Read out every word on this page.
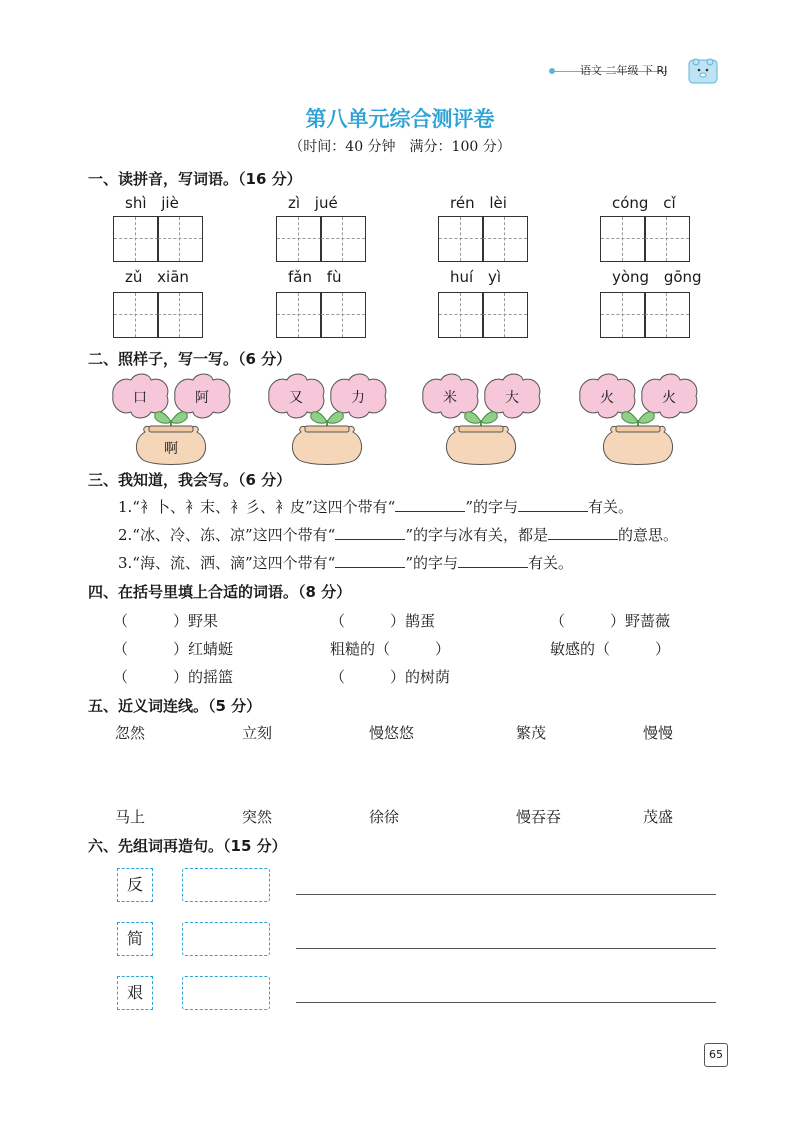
语文 二年级 下 RJ
第八单元综合测评卷
（时间：40 分钟　满分：100 分）
一、读拼音，写词语。（16 分）
shì jiè	zì jué	rén lèi	cóng cǐ
zǔ xiān	fǎn fù	huí yì	yòng gōng
二、照样子，写一写。（6 分）
口	阿
啊
又	力	米	大	火	火
三、我知道，我会写。（6 分）
1.“衤卜、衤末、衤彡、衤皮”这四个带有“	”的字与	有关。
2.“冰、冷、冻、凉”这四个带有“	”的字与冰有关，都是	的意思。
3.“海、流、洒、滴”这四个带有“	”的字与	有关。
四、在括号里填上合适的词语。（8 分）
（　　　）野果	（　　　）鹊蛋	（　　　）野蔷薇
（　　　）红蜻蜓	粗糙的（　　　）	敏感的（　　　）
（　　　）的摇篮	（　　　）的树荫
五、近义词连线。（5 分）
忽然	立刻	慢悠悠	繁茂	慢慢
马上	突然	徐徐	慢吞吞	茂盛
六、先组词再造句。（15 分）
反
简
艰
65
